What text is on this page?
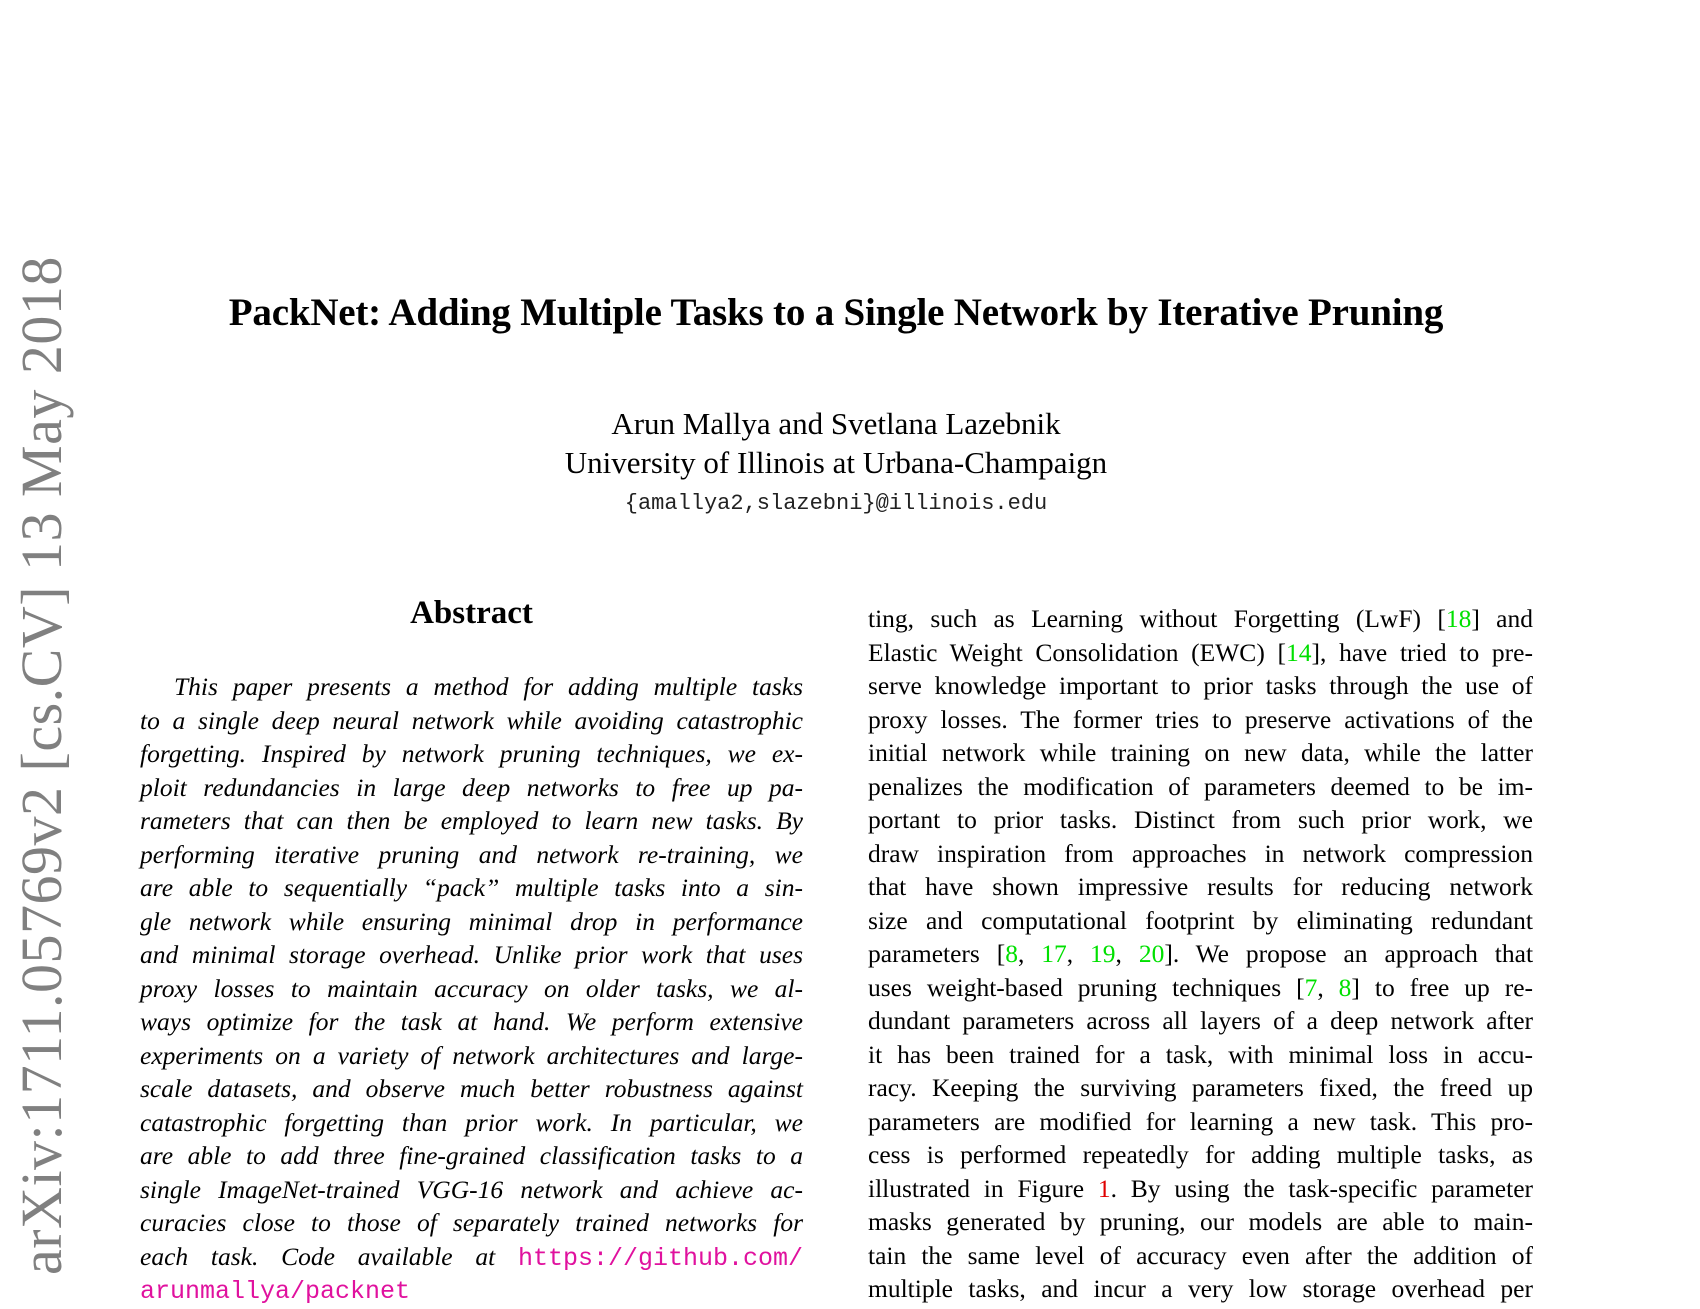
arXiv:1711.05769v2 [cs.CV] 13 May 2018	PackNet: Adding Multiple Tasks to a Single Network by Iterative Pruning
Arun Mallya and Svetlana Lazebnik
University of Illinois at Urbana-Champaign
{amallya2,slazebni}@illinois.edu
Abstract
This paper presents a method for adding multiple tasks
to a single deep neural network while avoiding catastrophic
forgetting. Inspired by network pruning techniques, we ex-
ploit redundancies in large deep networks to free up pa-
rameters that can then be employed to learn new tasks. By
performing iterative pruning and network re-training, we
are able to sequentially “pack” multiple tasks into a sin-
gle network while ensuring minimal drop in performance
and minimal storage overhead. Unlike prior work that uses
proxy losses to maintain accuracy on older tasks, we al-
ways optimize for the task at hand. We perform extensive
experiments on a variety of network architectures and large-
scale datasets, and observe much better robustness against
catastrophic forgetting than prior work. In particular, we
are able to add three fine-grained classification tasks to a
single ImageNet-trained VGG-16 network and achieve ac-
curacies close to those of separately trained networks for
each task. Code available at https://github.com/
arunmallya/packnet
ting, such as Learning without Forgetting (LwF) [18] and
Elastic Weight Consolidation (EWC) [14], have tried to pre-
serve knowledge important to prior tasks through the use of
proxy losses. The former tries to preserve activations of the
initial network while training on new data, while the latter
penalizes the modification of parameters deemed to be im-
portant to prior tasks. Distinct from such prior work, we
draw inspiration from approaches in network compression
that have shown impressive results for reducing network
size and computational footprint by eliminating redundant
parameters [8, 17, 19, 20]. We propose an approach that
uses weight-based pruning techniques [7, 8] to free up re-
dundant parameters across all layers of a deep network after
it has been trained for a task, with minimal loss in accu-
racy. Keeping the surviving parameters fixed, the freed up
parameters are modified for learning a new task. This pro-
cess is performed repeatedly for adding multiple tasks, as
illustrated in Figure 1. By using the task-specific parameter
masks generated by pruning, our models are able to main-
tain the same level of accuracy even after the addition of
multiple tasks, and incur a very low storage overhead per
